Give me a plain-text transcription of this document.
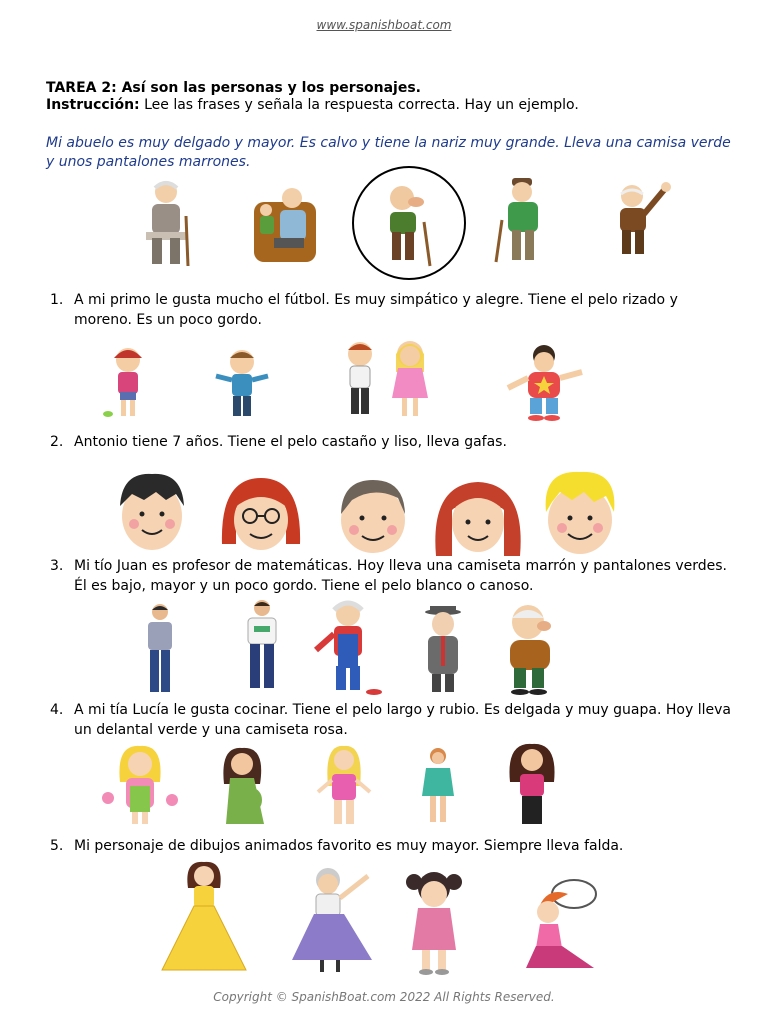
www.spanishboat.com
TAREA 2: Así son las personas y los personajes.
Instrucción: Lee las frases y señala la respuesta correcta. Hay un ejemplo.
Mi abuelo es muy delgado y mayor. Es calvo y tiene la nariz muy grande. Lleva una camisa verde y unos pantalones marrones.
1. A mi primo le gusta mucho el fútbol. Es muy simpático y alegre. Tiene el pelo rizado y moreno. Es un poco gordo.
2. Antonio tiene 7 años. Tiene el pelo castaño y liso, lleva gafas.
3. Mi tío Juan es profesor de matemáticas. Hoy lleva una camiseta marrón y pantalones verdes. Él es bajo, mayor y un poco gordo. Tiene el pelo blanco o canoso.
4. A mi tía Lucía le gusta cocinar. Tiene el pelo largo y rubio. Es delgada y muy guapa. Hoy lleva un delantal verde y una camiseta rosa.
5. Mi personaje de dibujos animados favorito es muy mayor. Siempre lleva falda.
Copyright © SpanishBoat.com 2022 All Rights Reserved.
